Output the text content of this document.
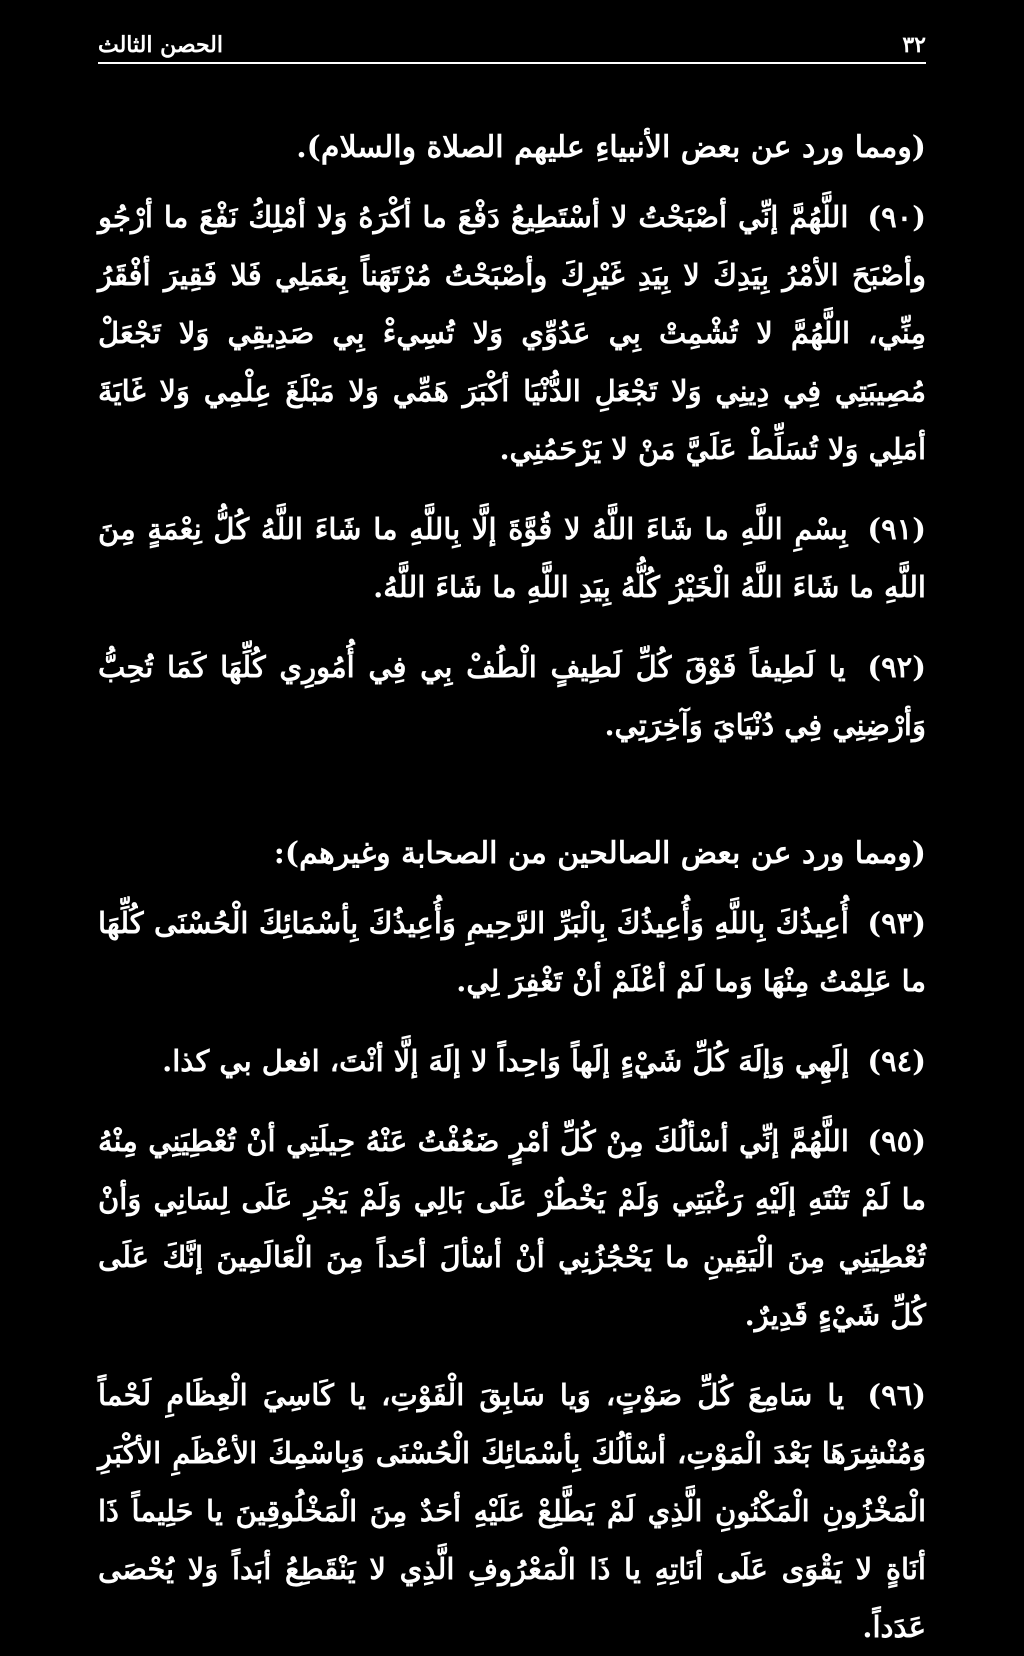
٣٢
الحصن الثالث
(ومما ورد عن بعض الأنبياءِ عليهم الصلاة والسلام).
(٩٠) اللَّهُمَّ إنِّي أصْبَحْتُ لا أسْتَطِيعُ دَفْعَ ما أكْرَهُ وَلا أمْلِكُ نَفْعَ ما أرْجُو وأصْبَحَ الأمْرُ بِيَدِكَ لا بِيَدِ غَيْرِكَ وأصْبَحْتُ مُرْتَهَناً بِعَمَلِي فَلا فَقِيرَ أفْقَرُ مِنِّي، اللَّهُمَّ لا تُشْمِتْ بِي عَدُوِّي وَلا تُسِيءْ بِي صَدِيقِي وَلا تَجْعَلْ مُصِيبَتِي فِي دِينِي وَلا تَجْعَلِ الدُّنْيَا أكْبَرَ هَمِّي وَلا مَبْلَغَ عِلْمِي وَلا غَايَةَ أمَلِي وَلا تُسَلِّطْ عَلَيَّ مَنْ لا يَرْحَمُنِي.
(٩١) بِسْمِ اللَّهِ ما شَاءَ اللَّهُ لا قُوَّةَ إلَّا بِاللَّهِ ما شَاءَ اللَّهُ كُلُّ نِعْمَةٍ مِنَ اللَّهِ ما شَاءَ اللَّهُ الْخَيْرُ كُلُّهُ بِيَدِ اللَّهِ ما شَاءَ اللَّهُ.
(٩٢) يا لَطِيفاً فَوْقَ كُلِّ لَطِيفٍ الْطُفْ بِي فِي أُمُورِي كُلِّهَا كَمَا تُحِبُّ وَأرْضِنِي فِي دُنْيَايَ وَآخِرَتِي.
(ومما ورد عن بعض الصالحين من الصحابة وغيرهم):
(٩٣) أُعِيذُكَ بِاللَّهِ وَأُعِيذُكَ بِالْبَرِّ الرَّحِيمِ وَأُعِيذُكَ بِأسْمَائِكَ الْحُسْنَى كُلِّهَا ما عَلِمْتُ مِنْهَا وَما لَمْ أعْلَمْ أنْ تَغْفِرَ لِي.
(٩٤) إلَهِي وَإلَهَ كُلِّ شَيْءٍ إلَهاً وَاحِداً لا إلَهَ إلَّا أنْتَ، افعل بي كذا.
(٩٥) اللَّهُمَّ إنِّي أسْألُكَ مِنْ كُلِّ أمْرٍ ضَعُفْتُ عَنْهُ حِيلَتِي أنْ تُعْطِيَنِي مِنْهُ ما لَمْ تَنْتَهِ إلَيْهِ رَغْبَتِي وَلَمْ يَخْطُرْ عَلَى بَالِي وَلَمْ يَجْرِ عَلَى لِسَانِي وَأنْ تُعْطِيَنِي مِنَ الْيَقِينِ ما يَحْجُزُنِي أنْ أسْألَ أحَداً مِنَ الْعَالَمِينَ إنَّكَ عَلَى كُلِّ شَيْءٍ قَدِيرٌ.
(٩٦) يا سَامِعَ كُلِّ صَوْتٍ، وَيا سَابِقَ الْفَوْتِ، يا كَاسِيَ الْعِظَامِ لَحْماً وَمُنْشِرَهَا بَعْدَ الْمَوْتِ، أسْألُكَ بِأسْمَائِكَ الْحُسْنَى وَبِاسْمِكَ الأعْظَمِ الأكْبَرِ الْمَخْزُونِ الْمَكْنُونِ الَّذِي لَمْ يَطَّلِعْ عَلَيْهِ أحَدٌ مِنَ الْمَخْلُوقِينَ يا حَلِيماً ذَا أنَاةٍ لا يَقْوَى عَلَى أنَاتِهِ يا ذَا الْمَعْرُوفِ الَّذِي لا يَنْقَطِعُ أبَداً وَلا يُحْصَى عَدَداً.
